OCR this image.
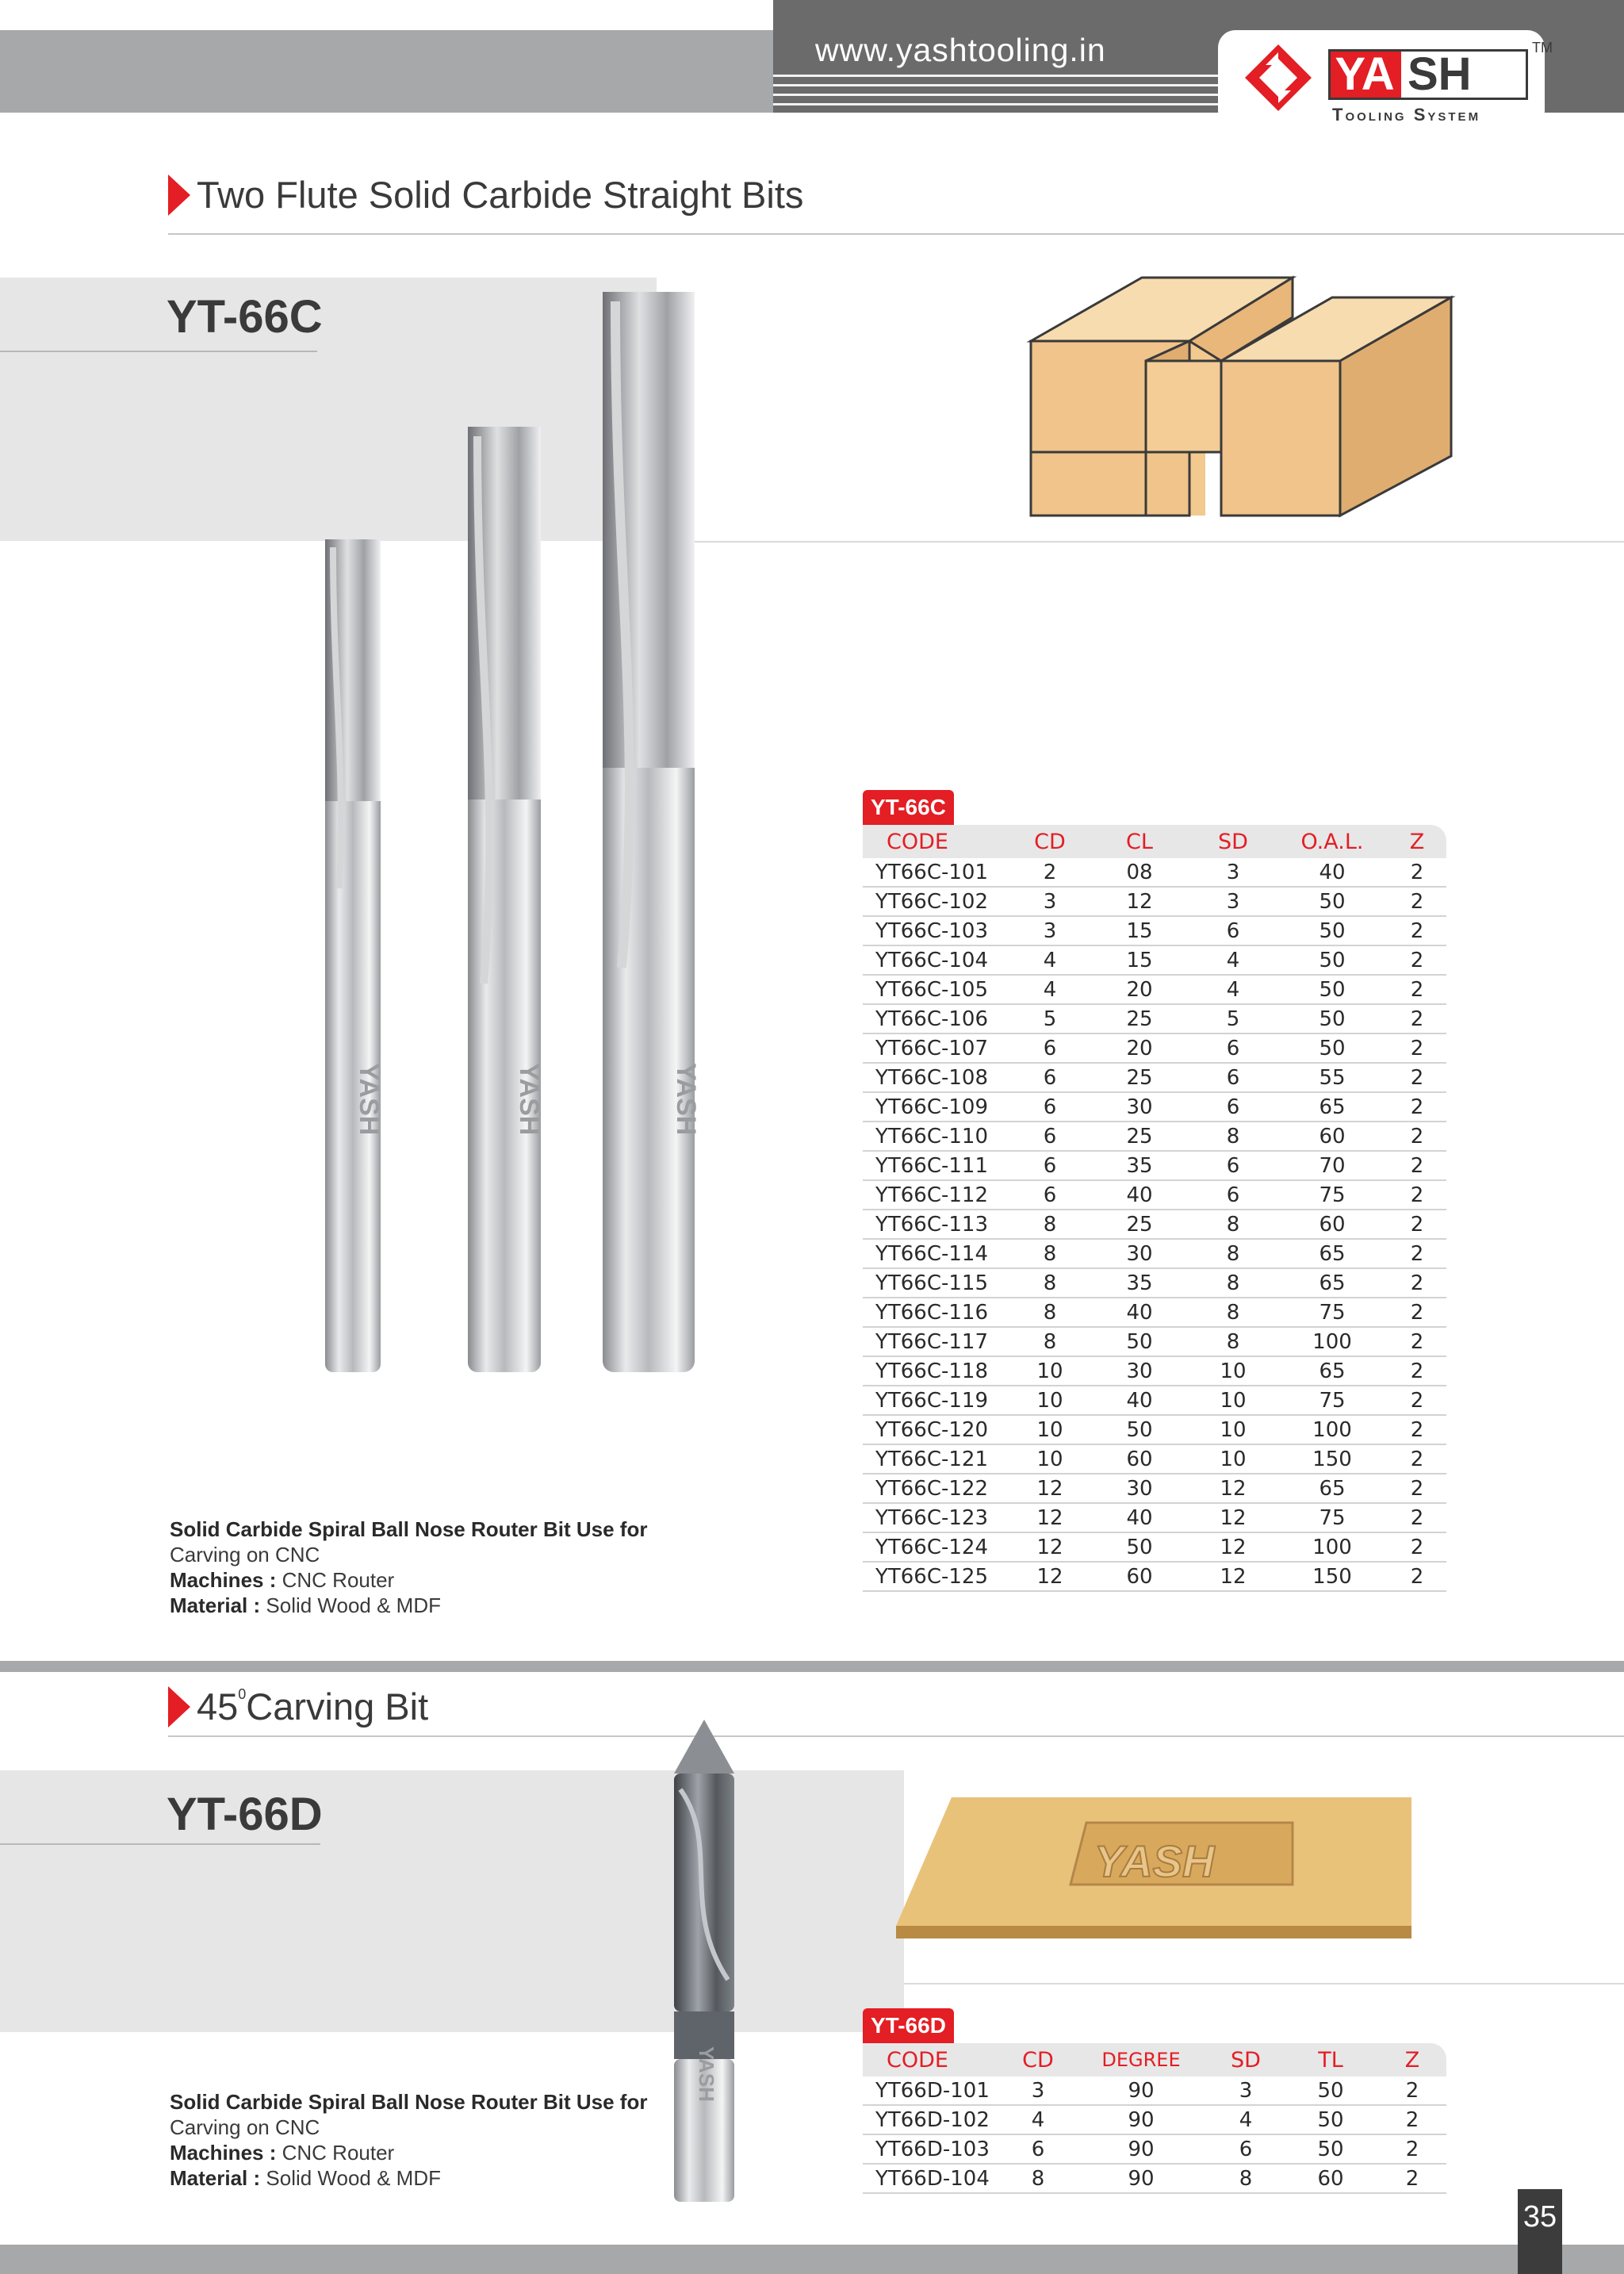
www.yashtooling.in	YA SH
Tooling System
TM
Two Flute Solid Carbide Straight Bits
YT-66C
YASH	YASH	YASH
YT-66C
CODE	CD	CL	SD	O.A.L.	Z
YT66C-101	2	08	3	40	2
YT66C-102	3	12	3	50	2
YT66C-103	3	15	6	50	2
YT66C-104	4	15	4	50	2
YT66C-105	4	20	4	50	2
YT66C-106	5	25	5	50	2
YT66C-107	6	20	6	50	2
YT66C-108	6	25	6	55	2
YT66C-109	6	30	6	65	2
YT66C-110	6	25	8	60	2
YT66C-111	6	35	6	70	2
YT66C-112	6	40	6	75	2
YT66C-113	8	25	8	60	2
YT66C-114	8	30	8	65	2
YT66C-115	8	35	8	65	2
YT66C-116	8	40	8	75	2
YT66C-117	8	50	8	100	2
YT66C-118	10	30	10	65	2
YT66C-119	10	40	10	75	2
YT66C-120	10	50	10	100	2
YT66C-121	10	60	10	150	2
YT66C-122	12	30	12	65	2
YT66C-123	12	40	12	75	2
YT66C-124	12	50	12	100	2
YT66C-125	12	60	12	150	2
Solid Carbide Spiral Ball Nose Router Bit Use for
Carving on CNC
Machines : CNC Router
Material : Solid Wood & MDF
$45^0Carving$ Bit
YT-66D
YASH
YASH
YT-66D
CODE	CD	DEGREE	SD	TL	Z
YT66D-101	3	90	3	50	2
YT66D-102	4	90	4	50	2
YT66D-103	6	90	6	50	2
YT66D-104	8	90	8	60	2
Solid Carbide Spiral Ball Nose Router Bit Use for
Carving on CNC
Machines : CNC Router
Material : Solid Wood & MDF
35
